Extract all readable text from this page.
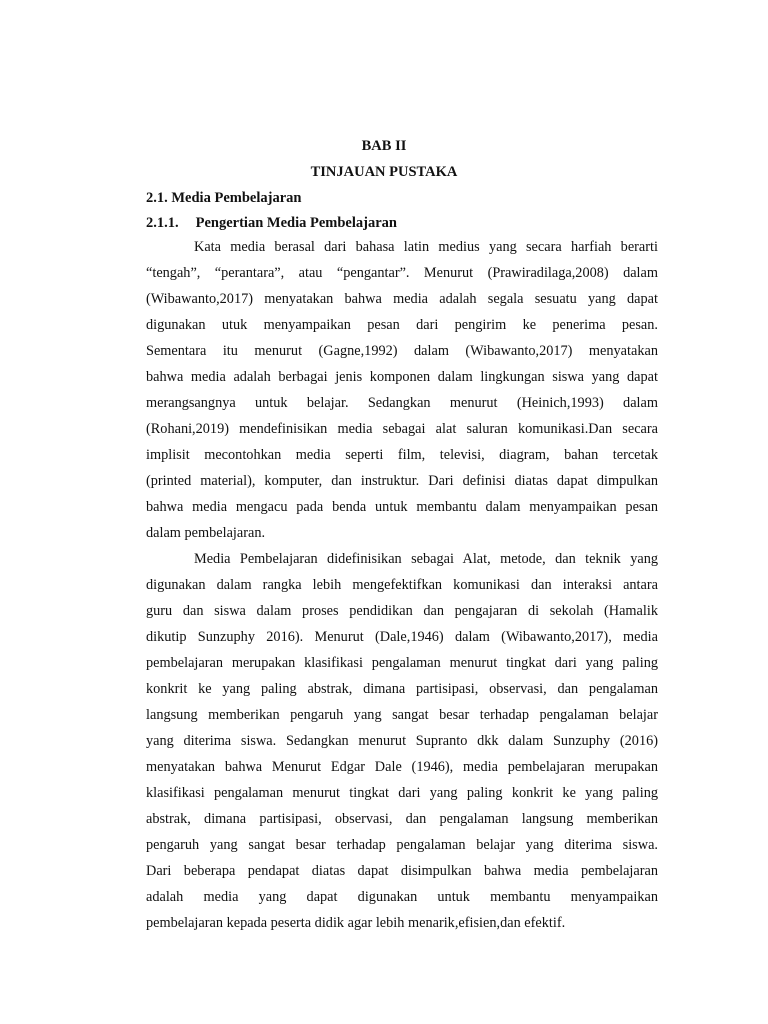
BAB II
TINJAUAN PUSTAKA
2.1. Media Pembelajaran
2.1.1. Pengertian Media Pembelajaran
Kata media berasal dari bahasa latin medius yang secara harfiah berarti
“tengah”, “perantara”, atau “pengantar”. Menurut (Prawiradilaga,2008) dalam
(Wibawanto,2017) menyatakan bahwa media adalah segala sesuatu yang dapat
digunakan utuk menyampaikan pesan dari pengirim ke penerima pesan.
Sementara itu menurut (Gagne,1992) dalam (Wibawanto,2017) menyatakan
bahwa media adalah berbagai jenis komponen dalam lingkungan siswa yang dapat
merangsangnya untuk belajar. Sedangkan menurut (Heinich,1993) dalam
(Rohani,2019) mendefinisikan media sebagai alat saluran komunikasi.Dan secara
implisit mecontohkan media seperti film, televisi, diagram, bahan tercetak
(printed material), komputer, dan instruktur. Dari definisi diatas dapat dimpulkan
bahwa media mengacu pada benda untuk membantu dalam menyampaikan pesan
dalam pembelajaran.
Media Pembelajaran didefinisikan sebagai Alat, metode, dan teknik yang
digunakan dalam rangka lebih mengefektifkan komunikasi dan interaksi antara
guru dan siswa dalam proses pendidikan dan pengajaran di sekolah (Hamalik
dikutip Sunzuphy 2016). Menurut (Dale,1946) dalam (Wibawanto,2017), media
pembelajaran merupakan klasifikasi pengalaman menurut tingkat dari yang paling
konkrit ke yang paling abstrak, dimana partisipasi, observasi, dan pengalaman
langsung memberikan pengaruh yang sangat besar terhadap pengalaman belajar
yang diterima siswa. Sedangkan menurut Supranto dkk dalam Sunzuphy (2016)
menyatakan bahwa Menurut Edgar Dale (1946), media pembelajaran merupakan
klasifikasi pengalaman menurut tingkat dari yang paling konkrit ke yang paling
abstrak, dimana partisipasi, observasi, dan pengalaman langsung memberikan
pengaruh yang sangat besar terhadap pengalaman belajar yang diterima siswa.
Dari beberapa pendapat diatas dapat disimpulkan bahwa media pembelajaran
adalah media yang dapat digunakan untuk membantu menyampaikan
pembelajaran kepada peserta didik agar lebih menarik,efisien,dan efektif.
